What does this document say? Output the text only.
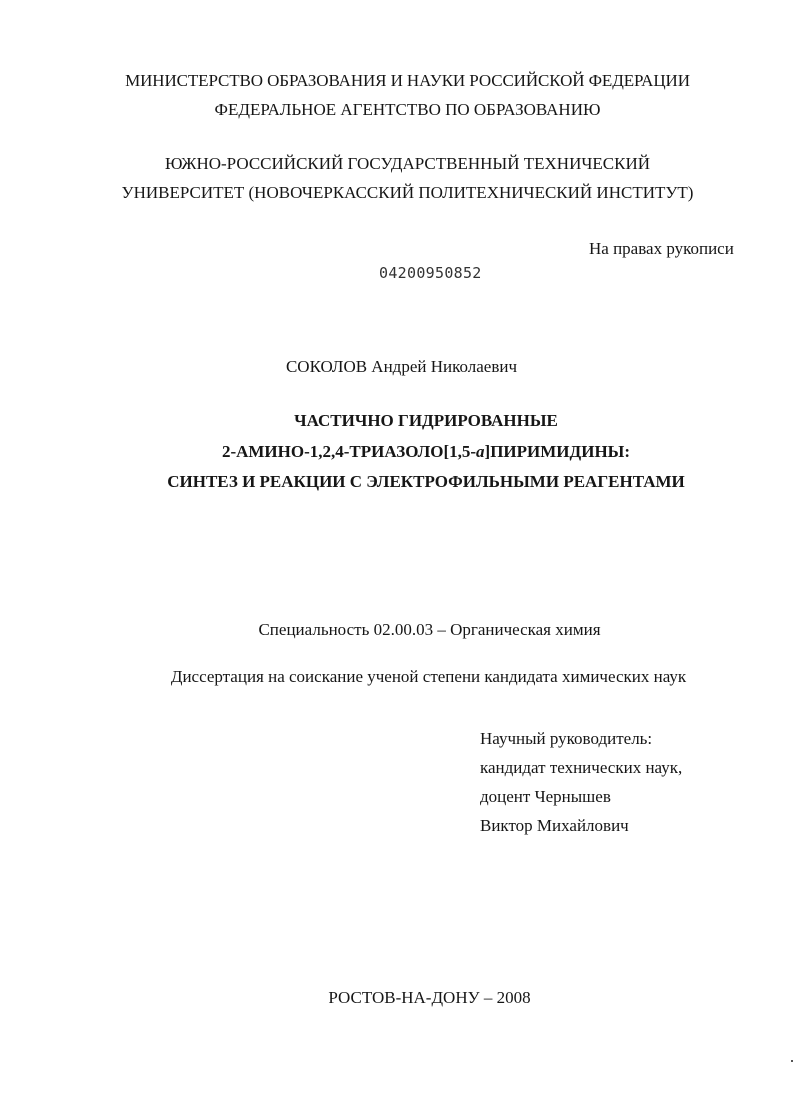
МИНИСТЕРСТВО ОБРАЗОВАНИЯ И НАУКИ РОССИЙСКОЙ ФЕДЕРАЦИИ
ФЕДЕРАЛЬНОЕ АГЕНТСТВО ПО ОБРАЗОВАНИЮ
ЮЖНО-РОССИЙСКИЙ ГОСУДАРСТВЕННЫЙ ТЕХНИЧЕСКИЙ
УНИВЕРСИТЕТ (НОВОЧЕРКАССКИЙ ПОЛИТЕХНИЧЕСКИЙ ИНСТИТУТ)
На правах рукописи
04200950852
СОКОЛОВ Андрей Николаевич
ЧАСТИЧНО ГИДРИРОВАННЫЕ
2-АМИНО-1,2,4-ТРИАЗОЛО[1,5-a]ПИРИМИДИНЫ:
СИНТЕЗ И РЕАКЦИИ С ЭЛЕКТРОФИЛЬНЫМИ РЕАГЕНТАМИ
Специальность 02.00.03 – Органическая химия
Диссертация на соискание ученой степени кандидата химических наук
Научный руководитель:
кандидат технических наук,
доцент Чернышев
Виктор Михайлович
РОСТОВ-НА-ДОНУ – 2008
